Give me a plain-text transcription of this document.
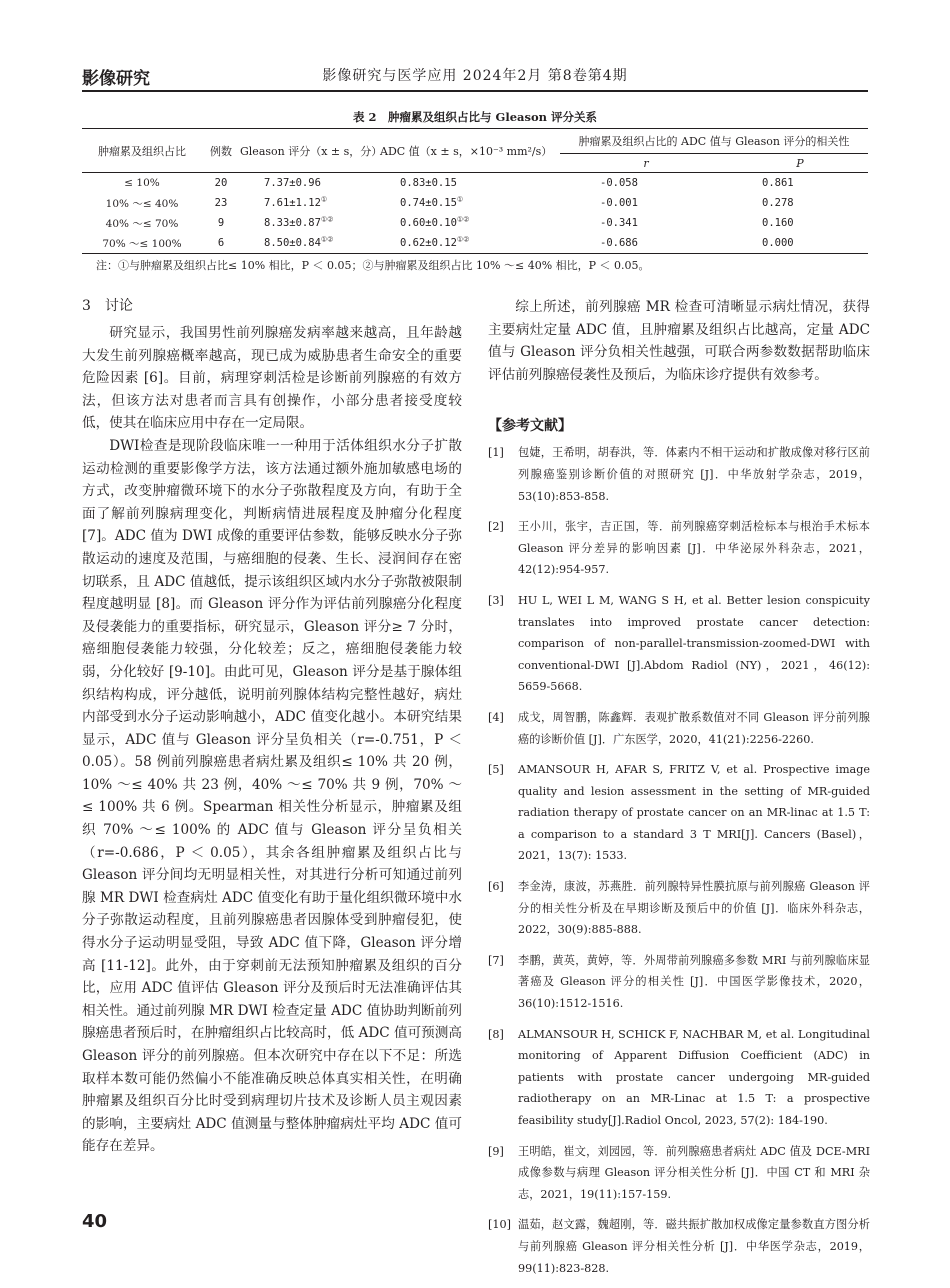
影像研究	影像研究与医学应用 2024年2月 第8卷第4期
表 2　肿瘤累及组织占比与 Gleason 评分关系
肿瘤累及组织占比	例数	Gleason 评分（x ± s，分）	ADC 值（x ± s，×10⁻³ mm²/s）	肿瘤累及组织占比的 ADC 值与 Gleason 评分的相关性	
				r	P
≤ 10%	20	7.37±0.96	0.83±0.15	-0.058	0.861
10% ～≤ 40%	23	7.61±1.12①	0.74±0.15①	-0.001	0.278
40% ～≤ 70%	9	8.33±0.87①②	0.60±0.10①②	-0.341	0.160
70% ～≤ 100%	6	8.50±0.84①②	0.62±0.12①②	-0.686	0.000
注：①与肿瘤累及组织占比≤ 10% 相比，P ＜ 0.05；②与肿瘤累及组织占比 10% ～≤ 40% 相比，P ＜ 0.05。
3　讨论

研究显示，我国男性前列腺癌发病率越来越高，且年龄越大发生前列腺癌概率越高，现已成为威胁患者生命安全的重要危险因素 [6]。目前，病理穿刺活检是诊断前列腺癌的有效方法，但该方法对患者而言具有创操作，小部分患者接受度较低，使其在临床应用中存在一定局限。

DWI检查是现阶段临床唯一一种用于活体组织水分子扩散运动检测的重要影像学方法，该方法通过额外施加敏感电场的方式，改变肿瘤微环境下的水分子弥散程度及方向，有助于全面了解前列腺病理变化，判断病情进展程度及肿瘤分化程度 [7]。ADC 值为 DWI 成像的重要评估参数，能够反映水分子弥散运动的速度及范围，与癌细胞的侵袭、生长、浸润间存在密切联系，且 ADC 值越低，提示该组织区域内水分子弥散被限制程度越明显 [8]。而 Gleason 评分作为评估前列腺癌分化程度及侵袭能力的重要指标，研究显示，Gleason 评分≥ 7 分时，癌细胞侵袭能力较强，分化较差；反之，癌细胞侵袭能力较弱，分化较好 [9-10]。由此可见，Gleason 评分是基于腺体组织结构构成，评分越低，说明前列腺体结构完整性越好，病灶内部受到水分子运动影响越小，ADC 值变化越小。本研究结果显示，ADC 值与 Gleason 评分呈负相关（r=-0.751，P ＜ 0.05）。58 例前列腺癌患者病灶累及组织≤ 10% 共 20 例，10% ～≤ 40% 共 23 例，40% ～≤ 70% 共 9 例，70% ～≤ 100% 共 6 例。Spearman 相关性分析显示，肿瘤累及组织 70% ～≤ 100% 的 ADC 值与 Gleason 评分呈负相关（r=-0.686，P ＜ 0.05），其余各组肿瘤累及组织占比与 Gleason 评分间均无明显相关性，对其进行分析可知通过前列腺 MR DWI 检查病灶 ADC 值变化有助于量化组织微环境中水分子弥散运动程度，且前列腺癌患者因腺体受到肿瘤侵犯，使得水分子运动明显受阻，导致 ADC 值下降，Gleason 评分增高 [11-12]。此外，由于穿刺前无法预知肿瘤累及组织的百分比，应用 ADC 值评估 Gleason 评分及预后时无法准确评估其相关性。通过前列腺 MR DWI 检查定量 ADC 值协助判断前列腺癌患者预后时，在肿瘤组织占比较高时，低 ADC 值可预测高 Gleason 评分的前列腺癌。但本次研究中存在以下不足：所选取样本数可能仍然偏小不能准确反映总体真实相关性，在明确肿瘤累及组织百分比时受到病理切片技术及诊断人员主观因素的影响，主要病灶 ADC 值测量与整体肿瘤病灶平均 ADC 值可能存在差异。

综上所述，前列腺癌 MR 检查可清晰显示病灶情况，获得主要病灶定量 ADC 值，且肿瘤累及组织占比越高，定量 ADC 值与 Gleason 评分负相关性越强，可联合两参数数据帮助临床评估前列腺癌侵袭性及预后，为临床诊疗提供有效参考。

【参考文献】
[1] 包婕，王希明，胡春洪，等．体素内不相干运动和扩散成像对移行区前列腺癌鉴别诊断价值的对照研究 [J]．中华放射学杂志，2019，53(10):853-858.
[2] 王小川，张宇，吉正国，等．前列腺癌穿刺活检标本与根治手术标本 Gleason 评分差异的影响因素 [J]．中华泌尿外科杂志，2021，42(12):954-957.
[3] HU L, WEI L M, WANG S H, et al. Better lesion conspicuity translates into improved prostate cancer detection: comparison of non-parallel-transmission-zoomed-DWI with conventional-DWI [J].Abdom Radiol (NY)，2021，46(12): 5659-5668.
[4] 成戈，周智鹏，陈鑫辉．表观扩散系数值对不同 Gleason 评分前列腺癌的诊断价值 [J]．广东医学，2020，41(21):2256-2260.
[5] AMANSOUR H, AFAR S, FRITZ V, et al. Prospective image quality and lesion assessment in the setting of MR-guided radiation therapy of prostate cancer on an MR-linac at 1.5 T: a comparison to a standard 3 T MRI[J]. Cancers (Basel)，2021，13(7): 1533.
[6] 李金涛，康波，苏燕胜．前列腺特异性膜抗原与前列腺癌 Gleason 评分的相关性分析及在早期诊断及预后中的价值 [J]．临床外科杂志，2022，30(9):885-888.
[7] 李鹏，黄英，黄婷，等．外周带前列腺癌多参数 MRI 与前列腺临床显著癌及 Gleason 评分的相关性 [J]．中国医学影像技术，2020，36(10):1512-1516.
[8] ALMANSOUR H, SCHICK F, NACHBAR M, et al. Longitudinal monitoring of Apparent Diffusion Coefficient (ADC) in patients with prostate cancer undergoing MR-guided radiotherapy on an MR-Linac at 1.5 T: a prospective feasibility study[J].Radiol Oncol, 2023, 57(2): 184-190.
[9] 王明皓，崔文，刘园园，等．前列腺癌患者病灶 ADC 值及 DCE-MRI 成像参数与病理 Gleason 评分相关性分析 [J]．中国 CT 和 MRI 杂志，2021，19(11):157-159.
[10] 温茹，赵文露，魏超刚，等．磁共振扩散加权成像定量参数直方图分析与前列腺癌 Gleason 评分相关性分析 [J]．中华医学杂志，2019，99(11):823-828.
40
